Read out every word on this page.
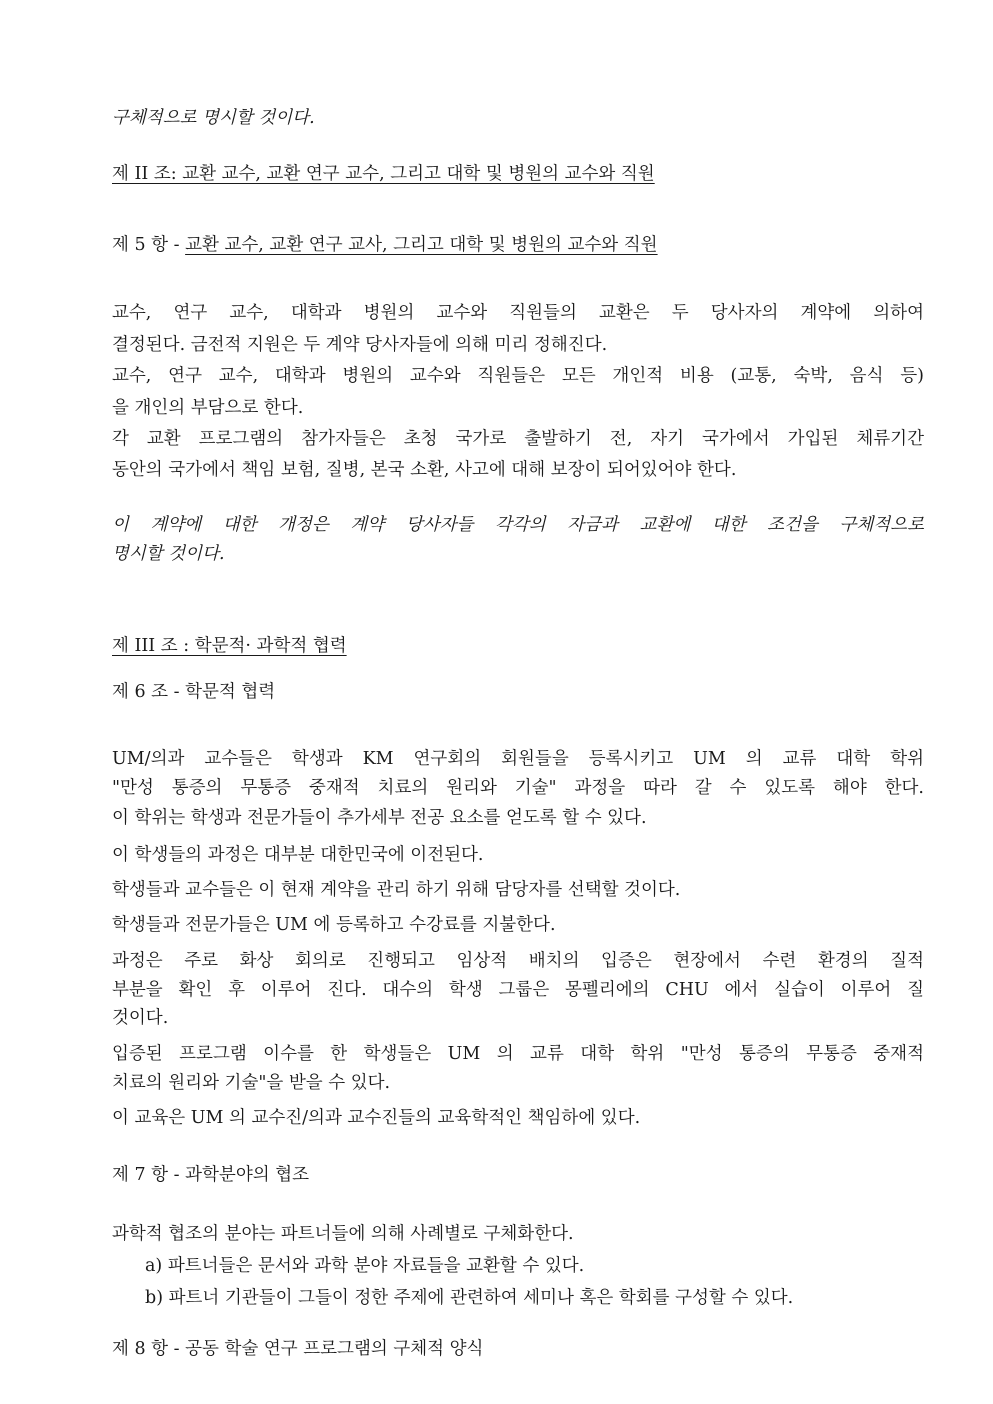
구체적으로 명시할 것이다.
제 II 조: 교환 교수, 교환 연구 교수, 그리고 대학 및 병원의 교수와 직원
제 5 항 - 교환 교수, 교환 연구 교사, 그리고 대학 및 병원의 교수와 직원
교수, 연구 교수, 대학과 병원의 교수와 직원들의 교환은 두 당사자의 계약에 의하여
결정된다. 금전적 지원은 두 계약 당사자들에 의해 미리 정해진다.
교수, 연구 교수, 대학과 병원의 교수와 직원들은 모든 개인적 비용 (교통, 숙박, 음식 등)
을 개인의 부담으로 한다.
각 교환 프로그램의 참가자들은 초청 국가로 출발하기 전, 자기 국가에서 가입된 체류기간
동안의 국가에서 책임 보험, 질병, 본국 소환, 사고에 대해 보장이 되어있어야 한다.
이 계약에 대한 개정은 계약 당사자들 각각의 자금과 교환에 대한 조건을 구체적으로
명시할 것이다.
제 III 조 : 학문적· 과학적 협력
제 6 조 - 학문적 협력
UM/의과 교수들은 학생과 KM 연구회의 회원들을 등록시키고 UM 의 교류 대학 학위
"만성 통증의 무통증 중재적 치료의 원리와 기술" 과정을 따라 갈 수 있도록 해야 한다.
이 학위는 학생과 전문가들이 추가세부 전공 요소를 얻도록 할 수 있다.
이 학생들의 과정은 대부분 대한민국에 이전된다.
학생들과 교수들은 이 현재 계약을 관리 하기 위해 담당자를 선택할 것이다.
학생들과 전문가들은 UM 에 등록하고 수강료를 지불한다.
과정은 주로 화상 회의로 진행되고 임상적 배치의 입증은 현장에서 수련 환경의 질적
부분을 확인 후 이루어 진다. 대수의 학생 그룹은 몽펠리에의 CHU 에서 실습이 이루어 질
것이다.
입증된 프로그램 이수를 한 학생들은 UM 의 교류 대학 학위 "만성 통증의 무통증 중재적
치료의 원리와 기술"을 받을 수 있다.
이 교육은 UM 의 교수진/의과 교수진들의 교육학적인 책임하에 있다.
제 7 항 - 과학분야의 협조
과학적 협조의 분야는 파트너들에 의해 사례별로 구체화한다.
a) 파트너들은 문서와 과학 분야 자료들을 교환할 수 있다.
b) 파트너 기관들이 그들이 정한 주제에 관련하여 세미나 혹은 학회를 구성할 수 있다.
제 8 항 - 공동 학술 연구 프로그램의 구체적 양식
